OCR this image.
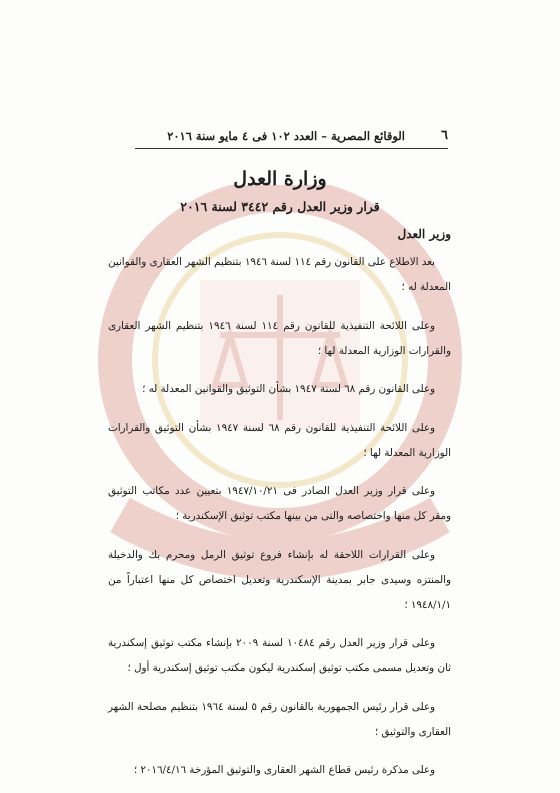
٦
الوقائع المصرية – العدد ١٠٢ فى ٤ مايو سنة ٢٠١٦
وزارة العدل
قرار وزير العدل رقم ٣٤٤٢ لسنة ٢٠١٦

وزير العدل

بعد الاطلاع على القانون رقم ١١٤ لسنة ١٩٤٦ بتنظيم الشهر العقارى والقوانين المعدلة له ؛

وعلى اللائحة التنفيذية للقانون رقم ١١٤ لسنة ١٩٤٦ بتنظيم الشهر العقارى والقرارات الوزارية المعدلة لها ؛

وعلى القانون رقم ٦٨ لسنة ١٩٤٧ بشأن التوثيق والقوانين المعدلة له ؛

وعلى اللائحة التنفيذية للقانون رقم ٦٨ لسنة ١٩٤٧ بشأن التوثيق والقرارات الوزارية المعدلة لها ؛

وعلى قرار وزير العدل الصادر فى ١٩٤٧/١٠/٢١ بتعيين عدد مكاتب التوثيق ومقر كل منها واختصاصه والتى من بينها مكتب توثيق الإسكندرية ؛

وعلى القرارات اللاحقة له بإنشاء فروع توثيق الرمل ومحرم بك والدخيلة والمنتزه وسيدى جابر بمدينة الإسكندرية وتعديل اختصاص كل منها اعتباراً من ١٩٤٨/١/١ ؛

وعلى قرار وزير العدل رقم ١٠٤٨٤ لسنة ٢٠٠٩ بإنشاء مكتب توثيق إسكندرية ثان وتعديل مسمى مكتب توثيق إسكندرية ليكون مكتب توثيق إسكندرية أول ؛

وعلى قرار رئيس الجمهورية بالقانون رقم ٥ لسنة ١٩٦٤ بتنظيم مصلحة الشهر العقارى والتوثيق ؛

وعلى مذكرة رئيس قطاع الشهر العقارى والتوثيق المؤرخة ٢٠١٦/٤/١٦ ؛
